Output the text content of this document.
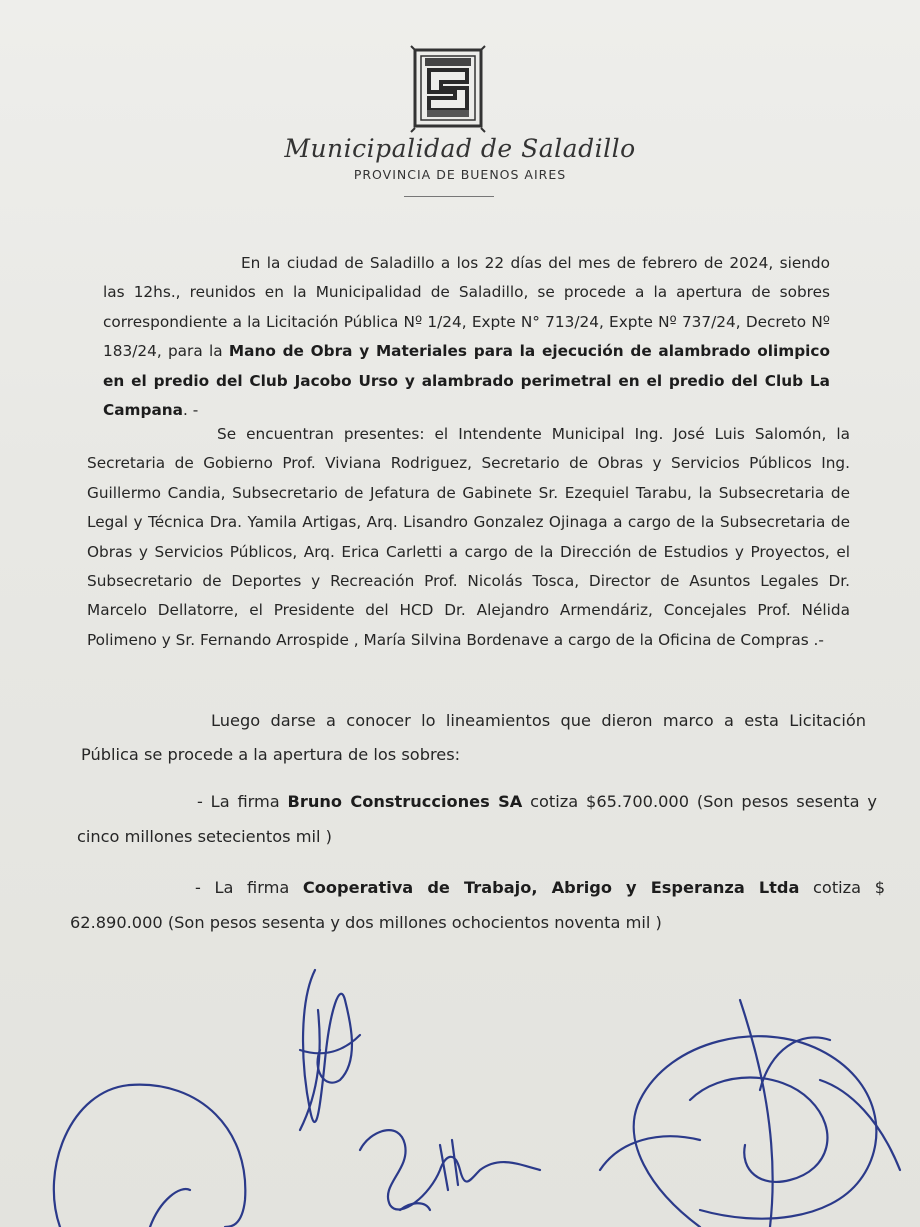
Municipalidad de Saladillo
PROVINCIA DE BUENOS AIRES
En la ciudad de Saladillo a los 22 días del mes de febrero de 2024, siendo las 12hs., reunidos en la Municipalidad de Saladillo, se procede a la apertura de sobres correspondiente a la Licitación Pública Nº 1/24, Expte N° 713/24, Expte Nº 737/24, Decreto Nº 183/24, para la Mano de Obra y Materiales para la ejecución de alambrado olimpico en el predio del Club Jacobo Urso y alambrado perimetral en el predio del Club La Campana. -
Se encuentran presentes: el Intendente Municipal Ing. José Luis Salomón, la Secretaria de Gobierno Prof. Viviana Rodriguez, Secretario de Obras y Servicios Públicos Ing. Guillermo Candia, Subsecretario de Jefatura de Gabinete Sr. Ezequiel Tarabu, la Subsecretaria de Legal y Técnica Dra. Yamila Artigas, Arq. Lisandro Gonzalez Ojinaga a cargo de la Subsecretaria de Obras y Servicios Públicos, Arq. Erica Carletti a cargo de la Dirección de Estudios y Proyectos, el Subsecretario de Deportes y Recreación Prof. Nicolás Tosca, Director de Asuntos Legales Dr. Marcelo Dellatorre, el Presidente del HCD Dr. Alejandro Armendáriz, Concejales Prof. Nélida Polimeno y Sr. Fernando Arrospide , María Silvina Bordenave a cargo de la Oficina de Compras .-
Luego darse a conocer lo lineamientos que dieron marco a esta Licitación Pública se procede a la apertura de los sobres:
- La firma Bruno Construcciones SA cotiza $65.700.000 (Son pesos sesenta y cinco millones setecientos mil )
- La firma Cooperativa de Trabajo, Abrigo y Esperanza Ltda cotiza $ 62.890.000 (Son pesos sesenta y dos millones ochocientos noventa mil )
